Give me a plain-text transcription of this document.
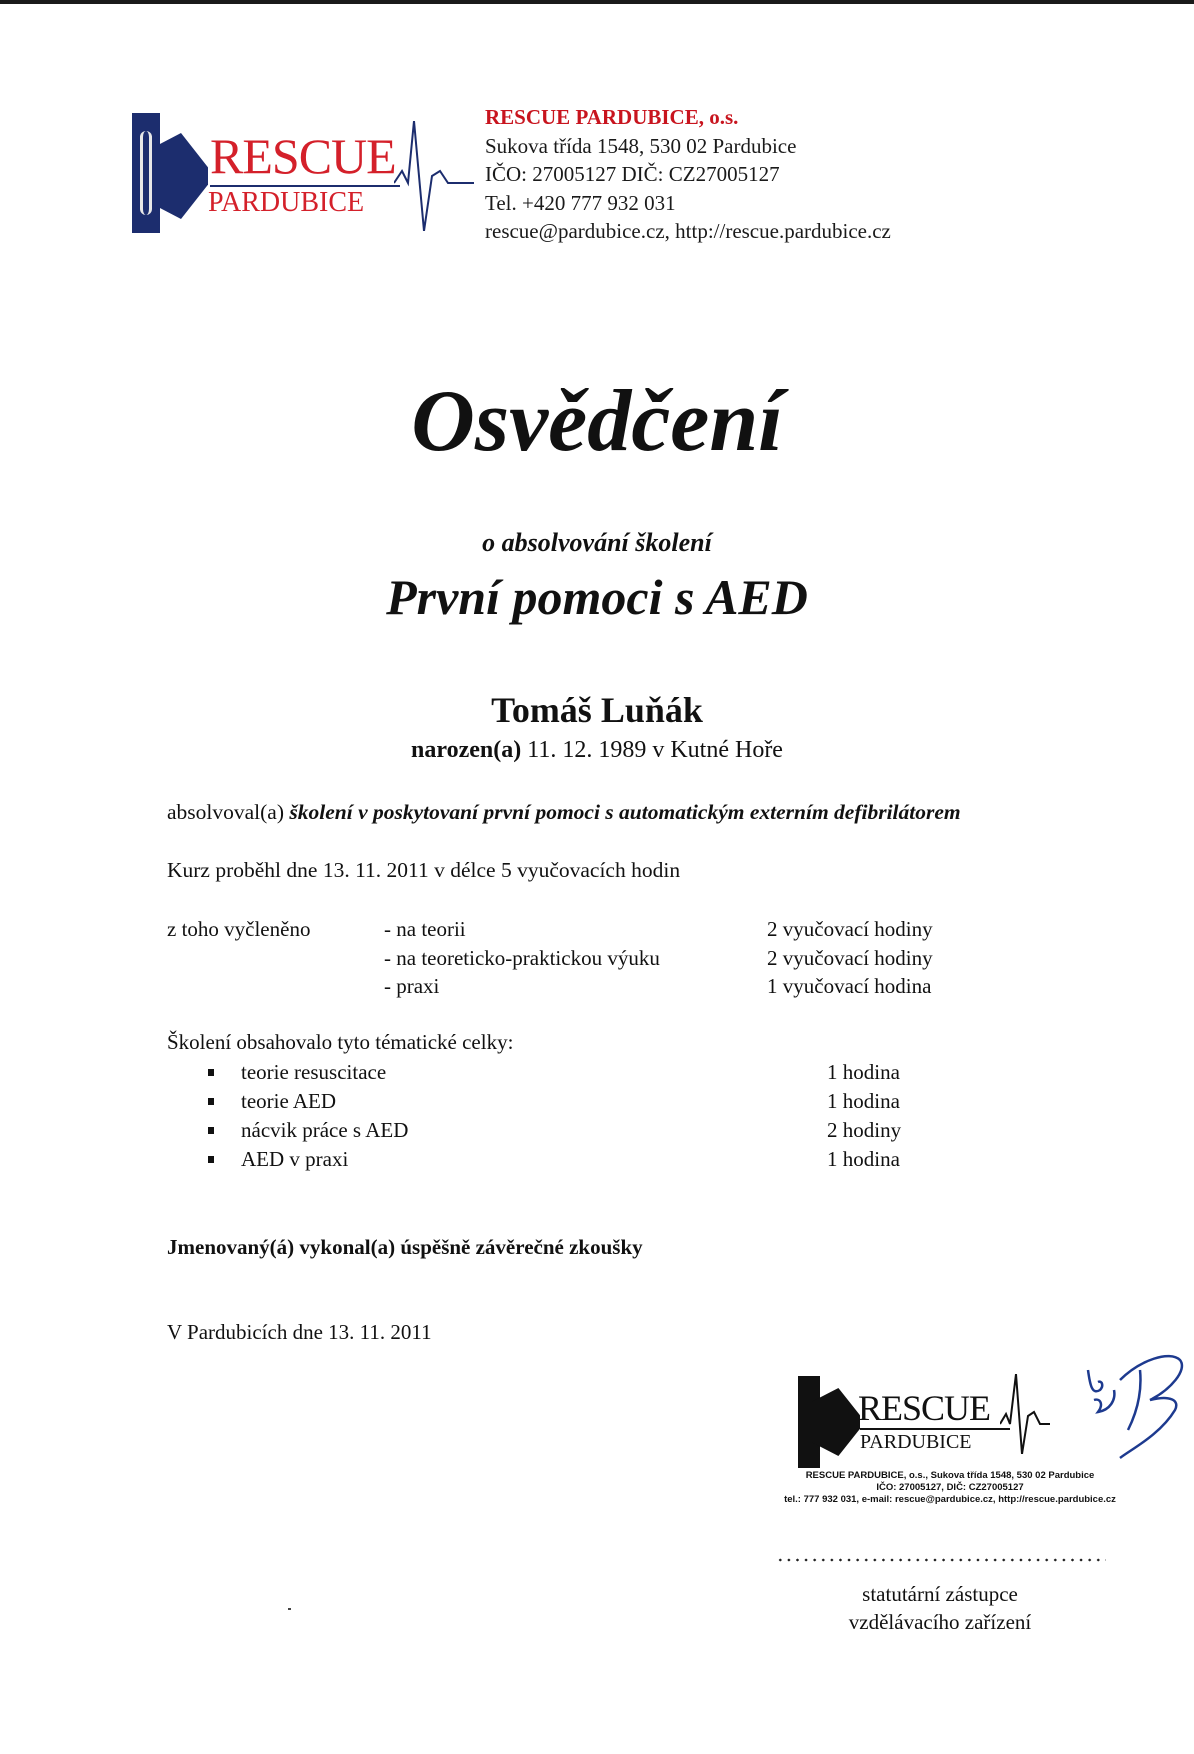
RESCUE
PARDUBICE
RESCUE PARDUBICE, o.s.
Sukova třída 1548, 530 02 Pardubice
IČO: 27005127 DIČ: CZ27005127
Tel. +420 777 932 031
rescue@pardubice.cz, http://rescue.pardubice.cz
Osvědčení
o absolvování školení
První pomoci s AED
Tomáš Luňák
narozen(a) 11. 12. 1989 v Kutné Hoře
absolvoval(a) školení v poskytovaní první pomoci s automatickým externím defibrilátorem
Kurz proběhl dne 13. 11. 2011 v délce 5 vyučovacích hodin
z toho vyčleněno	- na teorii	2 vyučovací hodiny
- na teoreticko-praktickou výuku	2 vyučovací hodiny
- praxi	1 vyučovací hodina
Školení obsahovalo tyto tématické celky:
teorie resuscitace	1 hodina
teorie AED	1 hodina
nácvik práce s AED	2 hodiny
AED v praxi	1 hodina
Jmenovaný(á) vykonal(a) úspěšně závěrečné zkoušky
V Pardubicích dne 13. 11. 2011
RESCUE
PARDUBICE
RESCUE PARDUBICE, o.s., Sukova třída 1548, 530 02 Pardubice
IČO: 27005127, DIČ: CZ27005127
tel.: 777 932 031, e-mail: rescue@pardubice.cz, http://rescue.pardubice.cz
statutární zástupce
vzdělávacího zařízení
